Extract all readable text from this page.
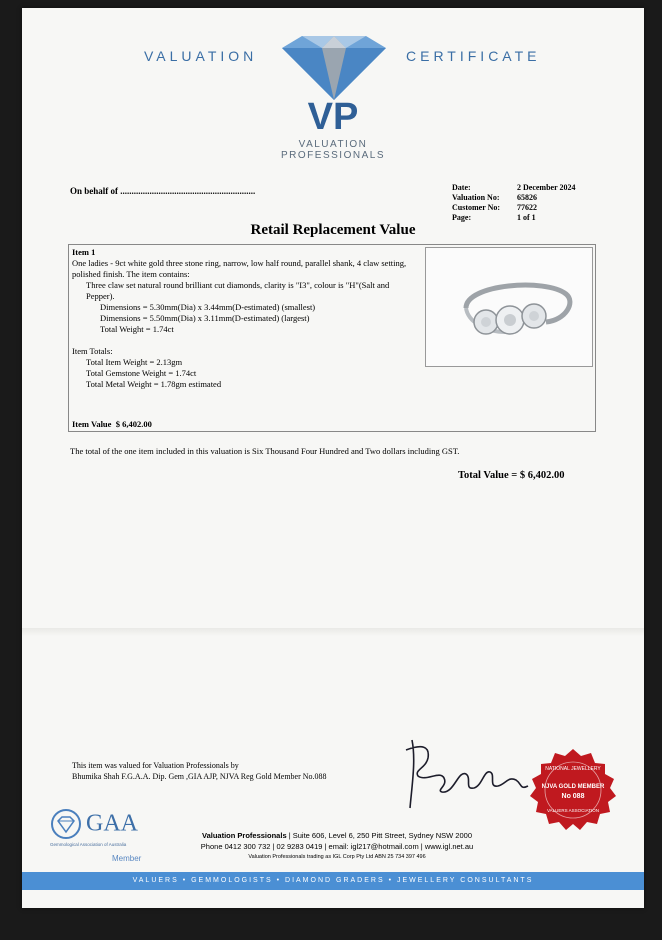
VALUATION	CERTIFICATE
VP
VALUATION
PROFESSIONALS
On behalf of ............................................................	Date:	2 December 2024
Valuation No:	65826
Customer No:	77622
Page:	1 of 1
Retail Replacement Value
Item 1
One ladies - 9ct white gold three stone ring, narrow, low half round, parallel shank, 4 claw setting, polished finish. The item contains:
Three claw set natural round brilliant cut diamonds, clarity is "I3", colour is "H"(Salt and Pepper).
Dimensions = 5.30mm(Dia) x 3.44mm(D-estimated) (smallest)
Dimensions = 5.50mm(Dia) x 3.11mm(D-estimated) (largest)
Total Weight = 1.74ct
Item Totals:
Total Item Weight = 2.13gm
Total Gemstone Weight = 1.74ct
Total Metal Weight = 1.78gm estimated
Item Value $ 6,402.00
The total of the one item included in this valuation is Six Thousand Four Hundred and Two dollars including GST.
Total Value = $ 6,402.00
This item was valued for Valuation Professionals by
Bhumika Shah F.G.A.A. Dip. Gem ,GIA AJP, NJVA Reg Gold Member No.088
NATIONAL JEWELLERY
NJVA GOLD MEMBER
No 088
VALUERS ASSOCIATION
GAA
Gemmological Association of Australia
Member
Valuation Professionals | Suite 606, Level 6, 250 Pitt Street, Sydney NSW 2000
Phone 0412 300 732 | 02 9283 0419 | email: igl217@hotmail.com | www.igl.net.au
Valuation Professionals trading as IGL Corp Pty Ltd ABN 25 734 397 496
VALUERS • GEMMOLOGISTS • DIAMOND GRADERS • JEWELLERY CONSULTANTS
